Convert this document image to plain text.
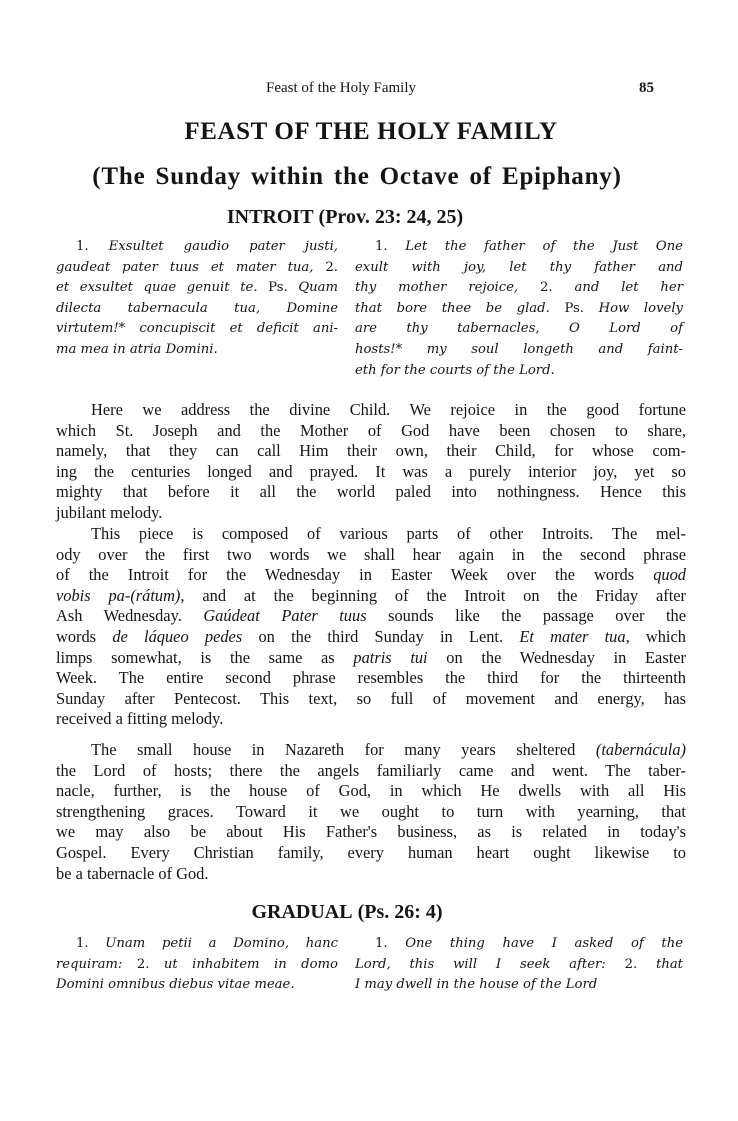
Feast of the Holy Family	85
FEAST OF THE HOLY FAMILY
(The Sunday within the Octave of Epiphany)
INTROIT (Prov. 23: 24, 25)
1. Exsultet gaudio pater justi,
gaudeat pater tuus et mater tua, 2.
et exsultet quae genuit te. Ps. Quam
dilecta tabernacula tua, Domine
virtutem!* concupiscit et deficit ani-
ma mea in atria Domini.
1. Let the father of the Just One
exult with joy, let thy father and
thy mother rejoice, 2. and let her
that bore thee be glad. Ps. How lovely
are thy tabernacles, O Lord of
hosts!* my soul longeth and faint-
eth for the courts of the Lord.
Here we address the divine Child. We rejoice in the good fortune
which St. Joseph and the Mother of God have been chosen to share,
namely, that they can call Him their own, their Child, for whose com-
ing the centuries longed and prayed. It was a purely interior joy, yet so
mighty that before it all the world paled into nothingness. Hence this
jubilant melody.
This piece is composed of various parts of other Introits. The mel-
ody over the first two words we shall hear again in the second phrase
of the Introit for the Wednesday in Easter Week over the words quod
vobis pa-(rátum), and at the beginning of the Introit on the Friday after
Ash Wednesday. Gaúdeat Pater tuus sounds like the passage over the
words de láqueo pedes on the third Sunday in Lent. Et mater tua, which
limps somewhat, is the same as patris tui on the Wednesday in Easter
Week. The entire second phrase resembles the third for the thirteenth
Sunday after Pentecost. This text, so full of movement and energy, has
received a fitting melody.
The small house in Nazareth for many years sheltered (tabernácula)
the Lord of hosts; there the angels familiarly came and went. The taber-
nacle, further, is the house of God, in which He dwells with all His
strengthening graces. Toward it we ought to turn with yearning, that
we may also be about His Father's business, as is related in today's
Gospel. Every Christian family, every human heart ought likewise to
be a tabernacle of God.
GRADUAL (Ps. 26: 4)
1. Unam petii a Domino, hanc
requiram: 2. ut inhabitem in domo
Domini omnibus diebus vitae meae.
1. One thing have I asked of the
Lord, this will I seek after: 2. that
I may dwell in the house of the Lord
